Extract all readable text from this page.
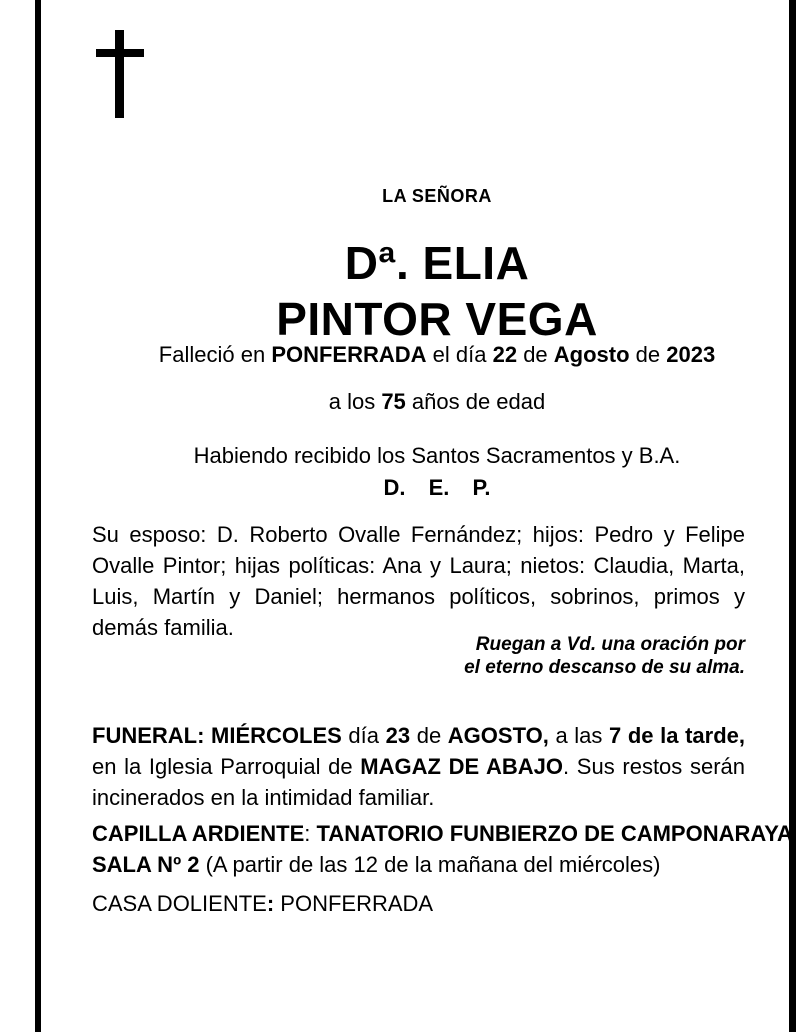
LA SEÑORA
Dª. ELIA
PINTOR VEGA
Falleció en PONFERRADA el día 22 de Agosto de 2023
a los 75 años de edad
Habiendo recibido los Santos Sacramentos y B.A.
D. E. P.
Su esposo: D. Roberto Ovalle Fernández; hijos: Pedro y Felipe Ovalle Pintor; hijas políticas: Ana y Laura; nietos: Claudia, Marta, Luis, Martín y Daniel; hermanos políticos, sobrinos, primos y demás familia.
Ruegan a Vd. una oración por
el eterno descanso de su alma.
FUNERAL: MIÉRCOLES día 23 de AGOSTO, a las 7 de la tarde, en la Iglesia Parroquial de MAGAZ DE ABAJO. Sus restos serán incinerados en la intimidad familiar.
CAPILLA ARDIENTE: TANATORIO FUNBIERZO DE CAMPONARAYA
SALA Nº 2 (A partir de las 12 de la mañana del miércoles)
CASA DOLIENTE: PONFERRADA
